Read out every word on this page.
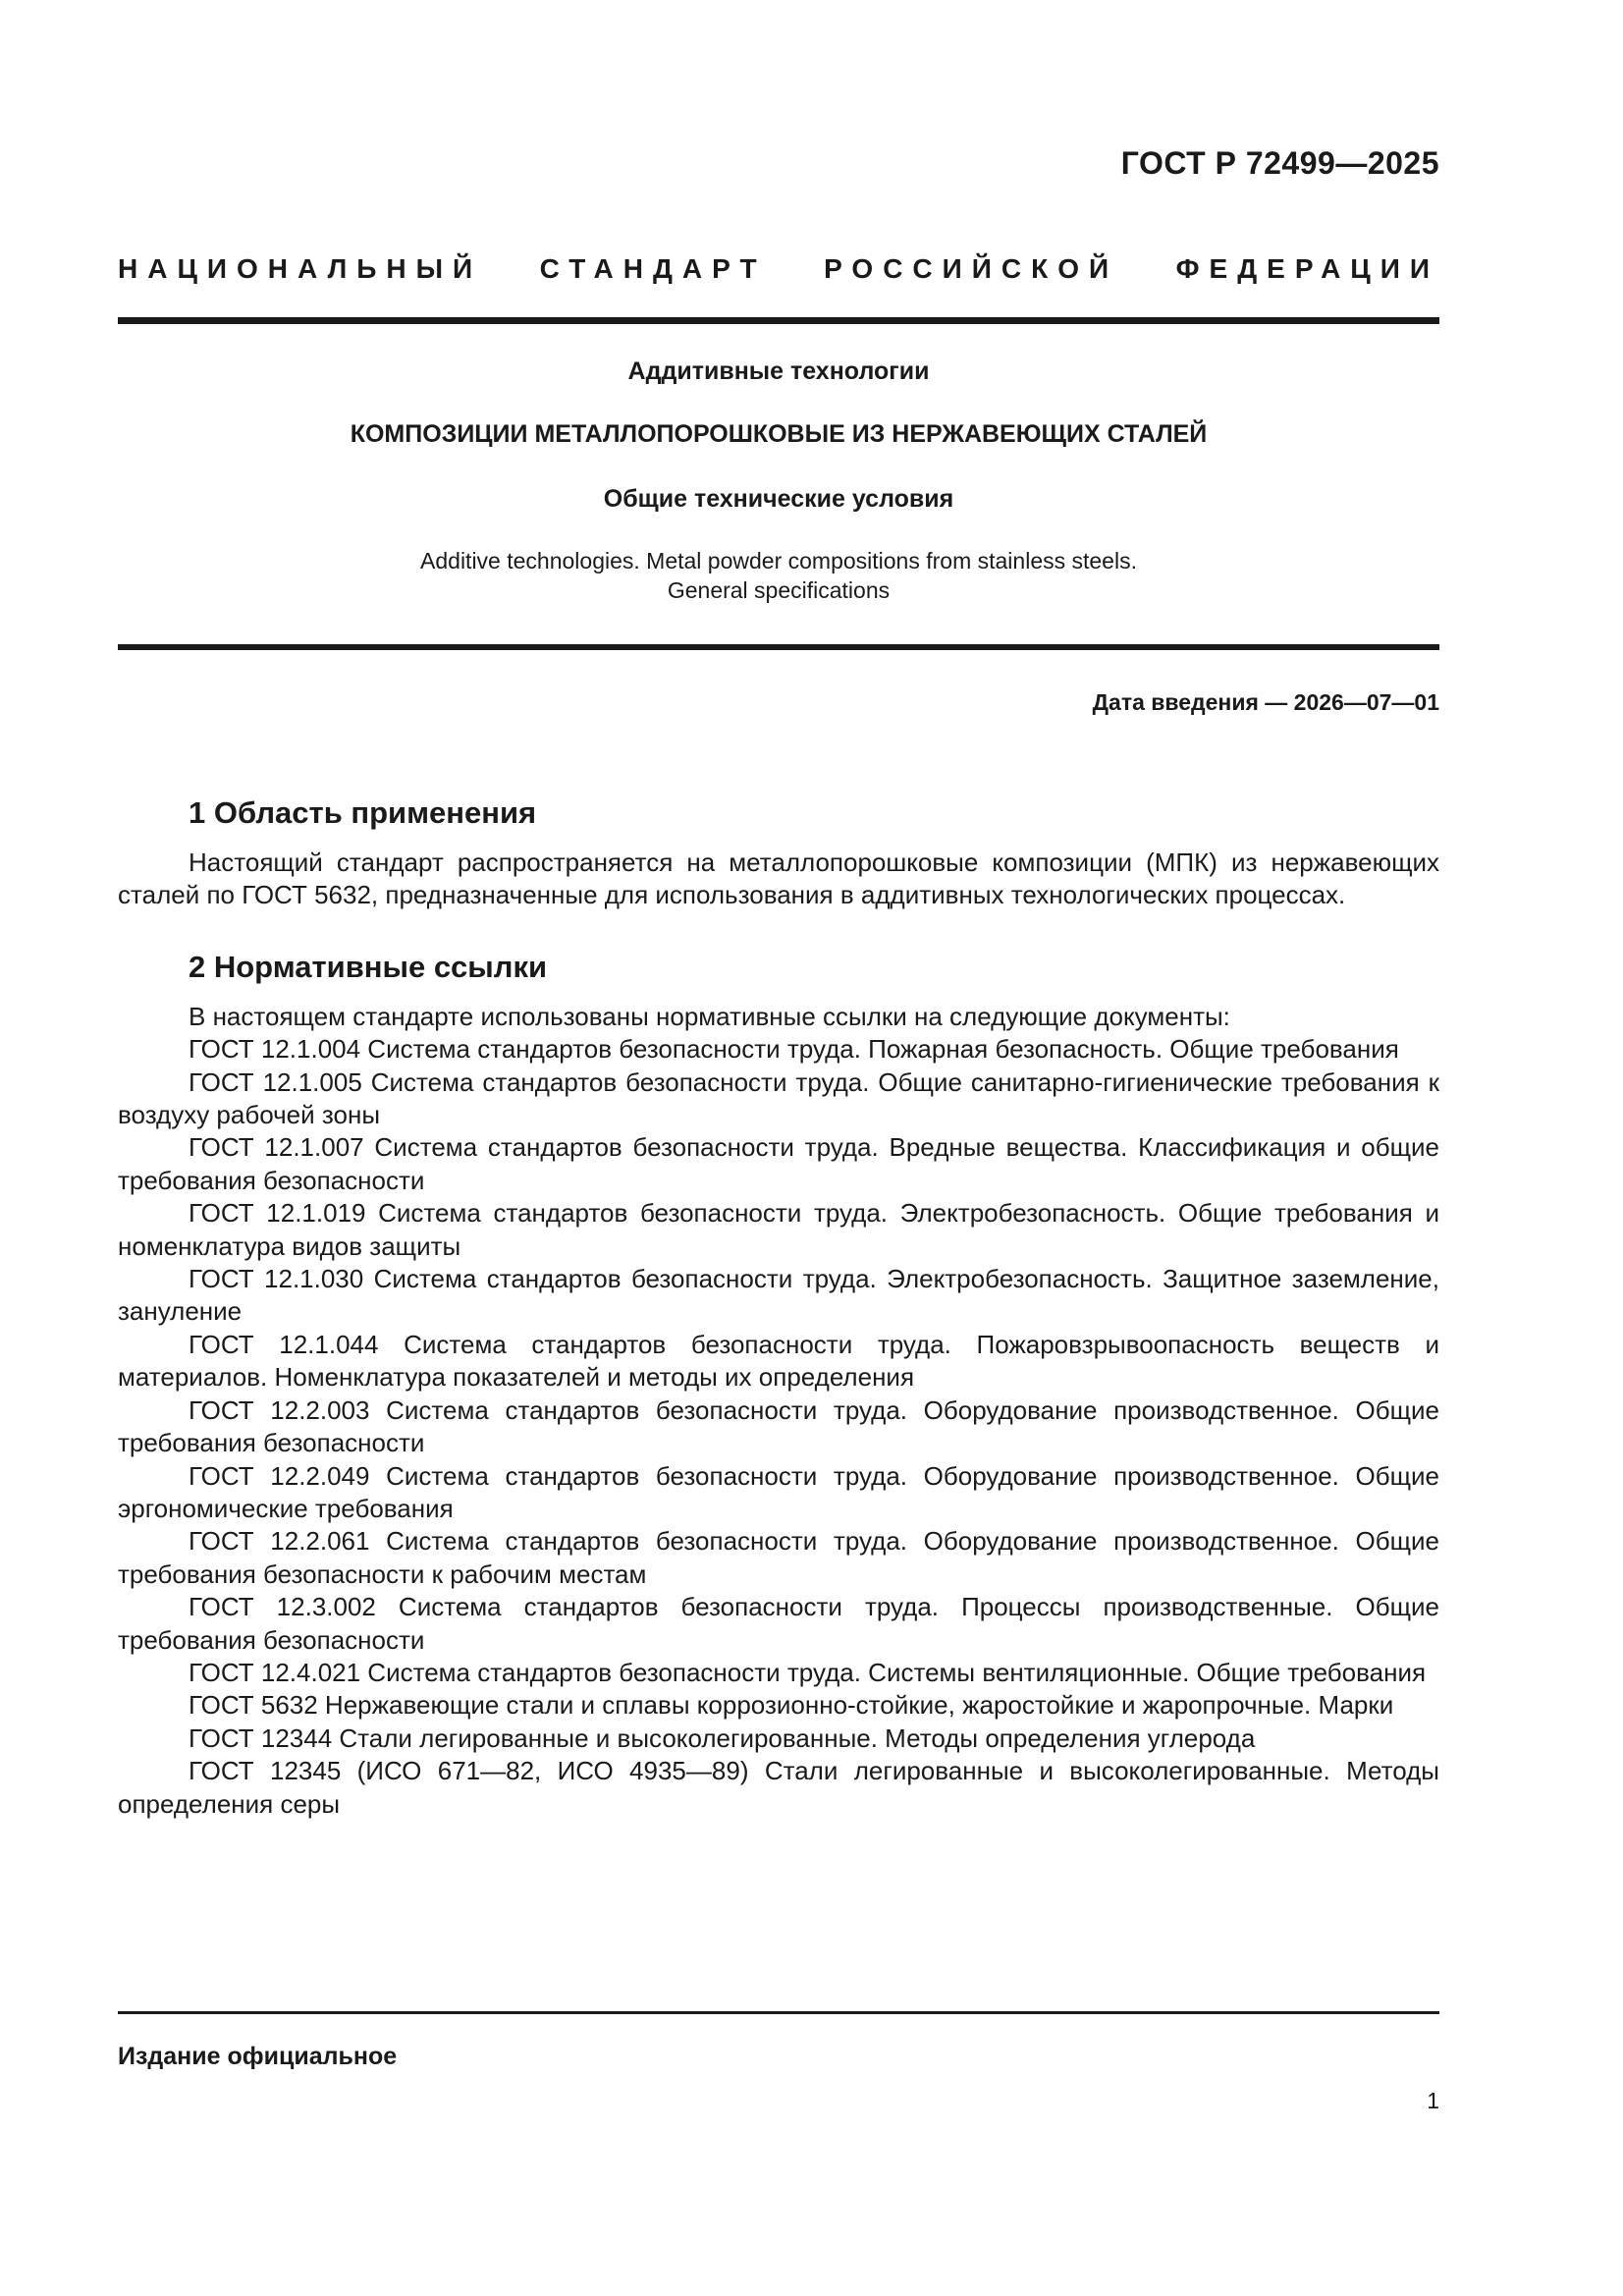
ГОСТ Р 72499—2025
НАЦИОНАЛЬНЫЙ СТАНДАРТ РОССИЙСКОЙ ФЕДЕРАЦИИ
Аддитивные технологии
КОМПОЗИЦИИ МЕТАЛЛОПОРОШКОВЫЕ ИЗ НЕРЖАВЕЮЩИХ СТАЛЕЙ
Общие технические условия
Additive technologies. Metal powder compositions from stainless steels.
General specifications
Дата введения — 2026—07—01
1 Область применения

Настоящий стандарт распространяется на металлопорошковые композиции (МПК) из нержавеющих сталей по ГОСТ 5632, предназначенные для использования в аддитивных технологических процессах.

2 Нормативные ссылки

В настоящем стандарте использованы нормативные ссылки на следующие документы:

ГОСТ 12.1.004 Система стандартов безопасности труда. Пожарная безопасность. Общие требования

ГОСТ 12.1.005 Система стандартов безопасности труда. Общие санитарно-гигиенические требования к воздуху рабочей зоны

ГОСТ 12.1.007 Система стандартов безопасности труда. Вредные вещества. Классификация и общие требования безопасности

ГОСТ 12.1.019 Система стандартов безопасности труда. Электробезопасность. Общие требования и номенклатура видов защиты

ГОСТ 12.1.030 Система стандартов безопасности труда. Электробезопасность. Защитное заземление, зануление

ГОСТ 12.1.044 Система стандартов безопасности труда. Пожаровзрывоопасность веществ и материалов. Номенклатура показателей и методы их определения

ГОСТ 12.2.003 Система стандартов безопасности труда. Оборудование производственное. Общие требования безопасности

ГОСТ 12.2.049 Система стандартов безопасности труда. Оборудование производственное. Общие эргономические требования

ГОСТ 12.2.061 Система стандартов безопасности труда. Оборудование производственное. Общие требования безопасности к рабочим местам

ГОСТ 12.3.002 Система стандартов безопасности труда. Процессы производственные. Общие требования безопасности

ГОСТ 12.4.021 Система стандартов безопасности труда. Системы вентиляционные. Общие требования

ГОСТ 5632 Нержавеющие стали и сплавы коррозионно-стойкие, жаростойкие и жаропрочные. Марки

ГОСТ 12344 Стали легированные и высоколегированные. Методы определения углерода

ГОСТ 12345 (ИСО 671—82, ИСО 4935—89) Стали легированные и высоколегированные. Методы определения серы

Издание официальное
1
